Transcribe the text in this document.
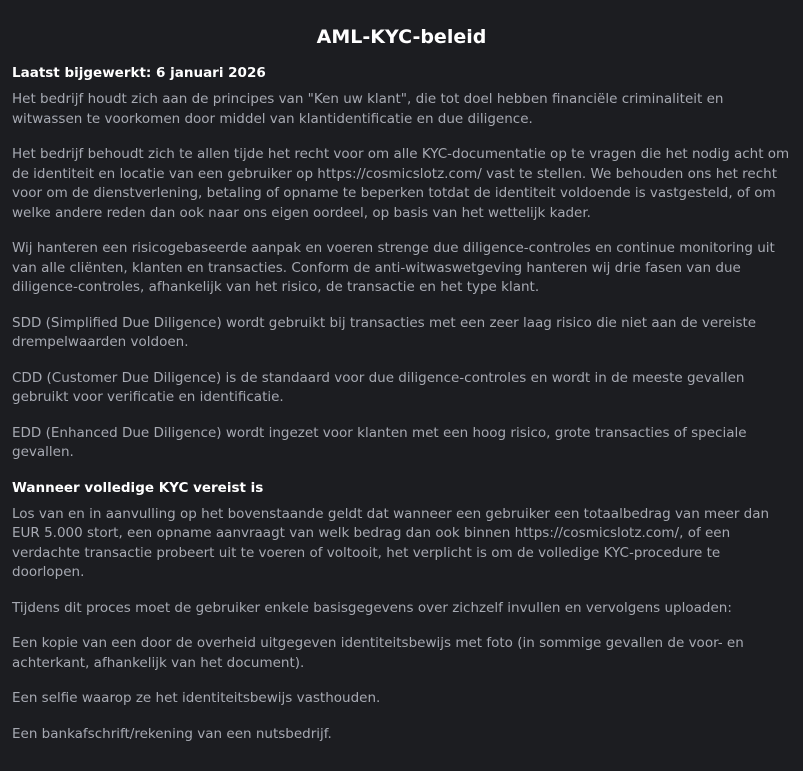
AML-KYC-beleid
Laatst bijgewerkt: 6 januari 2026

Het bedrijf houdt zich aan de principes van "Ken uw klant", die tot doel hebben financiële criminaliteit en witwassen te voorkomen door middel van klantidentificatie en due diligence.

Het bedrijf behoudt zich te allen tijde het recht voor om alle KYC-documentatie op te vragen die het nodig acht om de identiteit en locatie van een gebruiker op https://cosmicslotz.com/ vast te stellen. We behouden ons het recht voor om de dienstverlening, betaling of opname te beperken totdat de identiteit voldoende is vastgesteld, of om welke andere reden dan ook naar ons eigen oordeel, op basis van het wettelijk kader.

Wij hanteren een risicogebaseerde aanpak en voeren strenge due diligence-controles en continue monitoring uit van alle cliënten, klanten en transacties. Conform de anti-witwaswetgeving hanteren wij drie fasen van due diligence-controles, afhankelijk van het risico, de transactie en het type klant.

SDD (Simplified Due Diligence) wordt gebruikt bij transacties met een zeer laag risico die niet aan de vereiste drempelwaarden voldoen.

CDD (Customer Due Diligence) is de standaard voor due diligence-controles en wordt in de meeste gevallen gebruikt voor verificatie en identificatie.

EDD (Enhanced Due Diligence) wordt ingezet voor klanten met een hoog risico, grote transacties of speciale gevallen.

Wanneer volledige KYC vereist is

Los van en in aanvulling op het bovenstaande geldt dat wanneer een gebruiker een totaalbedrag van meer dan EUR 5.000 stort, een opname aanvraagt van welk bedrag dan ook binnen https://cosmicslotz.com/, of een verdachte transactie probeert uit te voeren of voltooit, het verplicht is om de volledige KYC-procedure te doorlopen.

Tijdens dit proces moet de gebruiker enkele basisgegevens over zichzelf invullen en vervolgens uploaden:

Een kopie van een door de overheid uitgegeven identiteitsbewijs met foto (in sommige gevallen de voor- en achterkant, afhankelijk van het document).

Een selfie waarop ze het identiteitsbewijs vasthouden.

Een bankafschrift/rekening van een nutsbedrijf.
